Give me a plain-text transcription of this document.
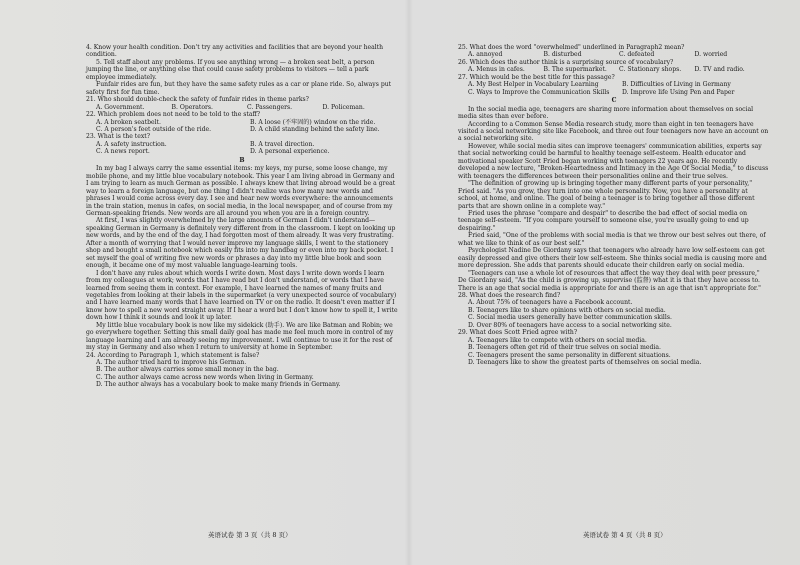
4. Know your health condition. Don't try any activities and facilities that are beyond your health condition.

5. Tell staff about any problems. If you see anything wrong — a broken seat belt, a person jumping the line, or anything else that could cause safety problems to visitors — tell a park employee immediately.

Funfair rides are fun, but they have the same safety rules as a car or plane ride. So, always put safety first for fun time.

21. Who should double-check the safety of funfair rides in theme parks?

A. Government.	B. Operators.	C. Passengers.	D. Policeman.

22. Which problem does not need to be told to the staff?

A. A broken seatbelt.	B. A loose (不牢固的) window on the ride.
C. A person's feet outside of the ride.	D. A child standing behind the safety line.

23. What is the text?

A. A safety instruction.	B. A travel direction.
C. A news report.	D. A personal experience.

B

In my bag I always carry the same essential items: my keys, my purse, some loose change, my mobile phone, and my little blue vocabulary notebook. This year I am living abroad in Germany and I am trying to learn as much German as possible. I always knew that living abroad would be a great way to learn a foreign language, but one thing I didn't realize was how many new words and phrases I would come across every day. I see and hear new words everywhere: the announcements in the train station, menus in cafes, on social media, in the local newspaper, and of course from my German-speaking friends. New words are all around you when you are in a foreign country.

At first, I was slightly overwhelmed by the large amounts of German I didn't understand—speaking German in Germany is definitely very different from in the classroom. I kept on looking up new words, and by the end of the day, I had forgotten most of them already. It was very frustrating. After a month of worrying that I would never improve my language skills, I went to the stationery shop and bought a small notebook which easily fits into my handbag or even into my back pocket. I set myself the goal of writing five new words or phrases a day into my little blue book and soon enough, it became one of my most valuable language-learning tools.

I don't have any rules about which words I write down. Most days I write down words I learn from my colleagues at work; words that I have read but I don't understand, or words that I have learned from seeing them in context. For example, I have learned the names of many fruits and vegetables from looking at their labels in the supermarket (a very unexpected source of vocabulary) and I have learned many words that I have learned on TV or on the radio. It doesn't even matter if I know how to spell a new word straight away. If I hear a word but I don't know how to spell it, I write down how I think it sounds and look it up later.

My little blue vocabulary book is now like my sidekick (助手). We are like Batman and Robin; we go everywhere together. Setting this small daily goal has made me feel much more in control of my language learning and I am already seeing my improvement. I will continue to use it for the rest of my stay in Germany and also when I return to university at home in September.

24. According to Paragraph 1, which statement is false?

A. The author tried hard to improve his German.
B. The author always carries some small money in the bag.
C. The author always came across new words when living in Germany.
D. The author always has a vocabulary book to make many friends in Germany.

25. What does the word "overwhelmed" underlined in Paragraph2 mean?

A. annoyed	B. disturbed	C. defeated	D. worried

26. Which does the author think is a surprising source of vocabulary?

A. Menus in cafes.	B. The supermarket.	C. Stationary shops.	D. TV and radio.

27. Which would be the best title for this passage?

A. My Best Helper in Vocabulary Learning	B. Difficulties of Living in Germany
C. Ways to Improve the Communication Skills	D. Improve life Using Pen and Paper

C

In the social media age, teenagers are sharing more information about themselves on social media sites than ever before.

According to a Common Sense Media research study, more than eight in ten teenagers have visited a social networking site like Facebook, and three out four teenagers now have an account on a social networking site.

However, while social media sites can improve teenagers' communication abilities, experts say that social networking could be harmful to healthy teenage self-esteem. Health educator and motivational speaker Scott Fried began working with teenagers 22 years ago. He recently developed a new lecture, "Broken-Heartedness and Intimacy in the Age Of Social Media," to discuss with teenagers the differences between their personalities online and their true selves.

"The definition of growing up is bringing together many different parts of your personality," Fried said. "As you grow, they turn into one whole personality. Now, you have a personality at school, at home, and online. The goal of being a teenager is to bring together all those different parts that are shown online in a complete way."

Fried uses the phrase "compare and despair" to describe the bad effect of social media on teenage self-esteem. "If you compare yourself to someone else, you're usually going to end up despairing."

Fried said, "One of the problems with social media is that we throw our best selves out there, of what we like to think of as our best self."

Psychologist Nadine De Giordany says that teenagers who already have low self-esteem can get easily depressed and give others their low self-esteem. She thinks social media is causing more and more depression. She adds that parents should educate their children early on social media.

"Teenagers can use a whole lot of resources that affect the way they deal with peer pressure," De Giordany said, "As the child is growing up, supervise (监督) what it is that they have access to. There is an age that social media is appropriate for and there is an age that isn't appropriate for."

28. What does the research find?

A. About 75% of teenagers have a Facebook account.
B. Teenagers like to share opinions with others on social media.
C. Social media users generally have better communication skills.
D. Over 80% of teenagers have access to a social networking site.

29. What does Scott Fried agree with?

A. Teenagers like to compete with others on social media.
B. Teenagers often get rid of their true selves on social media.
C. Teenagers present the same personality in different situations.
D. Teenagers like to show the greatest parts of themselves on social media.
英语试卷 第 3 页（共 8 页）	英语试卷 第 4 页（共 8 页）
